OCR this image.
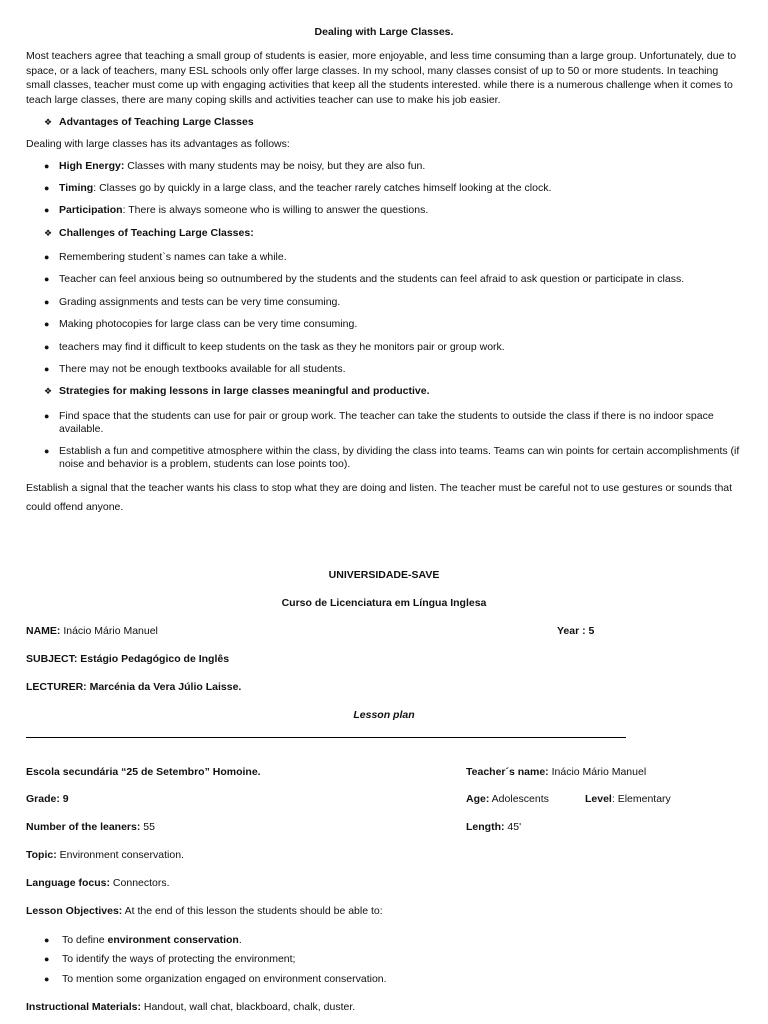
Dealing with Large Classes.

Most teachers agree that teaching a small group of students is easier, more enjoyable, and less time consuming than a large group. Unfortunately, due to space, or a lack of teachers, many ESL schools only offer large classes. In my school, many classes consist of up to 50 or more students. In teaching small classes, teacher must come up with engaging activities that keep all the students interested. while there is a numerous challenge when it comes to teach large classes, there are many coping skills and activities teacher can use to make his job easier.

❖ Advantages of Teaching Large Classes
Dealing with large classes has its advantages as follows:
● High Energy: Classes with many students may be noisy, but they are also fun.
● Timing: Classes go by quickly in a large class, and the teacher rarely catches himself looking at the clock.
● Participation: There is always someone who is willing to answer the questions.
❖ Challenges of Teaching Large Classes:
● Remembering student`s names can take a while.
● Teacher can feel anxious being so outnumbered by the students and the students can feel afraid to ask question or participate in class.
● Grading assignments and tests can be very time consuming.
● Making photocopies for large class can be very time consuming.
● teachers may find it difficult to keep students on the task as they he monitors pair or group work.
● There may not be enough textbooks available for all students.
❖ Strategies for making lessons in large classes meaningful and productive.
● Find space that the students can use for pair or group work. The teacher can take the students to outside the class if there is no indoor space available.
● Establish a fun and competitive atmosphere within the class, by dividing the class into teams. Teams can win points for certain accomplishments (if noise and behavior is a problem, students can lose points too).

Establish a signal that the teacher wants his class to stop what they are doing and listen. The teacher must be careful not to use gestures or sounds that could offend anyone.

UNIVERSIDADE-SAVE
Curso de Licenciatura em Língua Inglesa
NAME: Inácio Mário Manuel	Year : 5
SUBJECT: Estágio Pedagógico de Inglês
LECTURER: Marcénia da Vera Júlio Laisse.
Lesson plan
Escola secundária “25 de Setembro” Homoine.	Teacher´s name: Inácio Mário Manuel
Grade: 9	Age: Adolescents	Level: Elementary
Number of the leaners: 55	Length: 45'
Topic: Environment conservation.
Language focus: Connectors.
Lesson Objectives: At the end of this lesson the students should be able to:
●	To define environment conservation.
●	To identify the ways of protecting the environment;
●	To mention some organization engaged on environment conservation.
Instructional Materials: Handout, wall chat, blackboard, chalk, duster.
